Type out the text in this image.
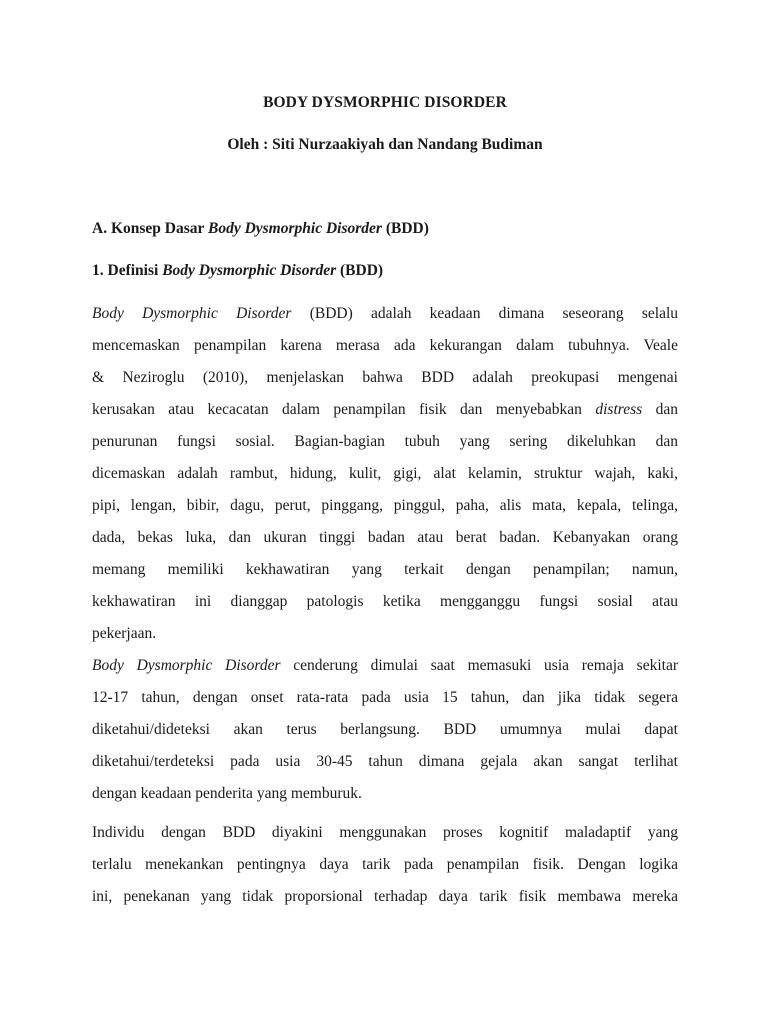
BODY DYSMORPHIC DISORDER
Oleh : Siti Nurzaakiyah dan Nandang Budiman
A. Konsep Dasar Body Dysmorphic Disorder (BDD)
1. Definisi Body Dysmorphic Disorder (BDD)
Body Dysmorphic Disorder (BDD) adalah keadaan dimana seseorang selalu
mencemaskan penampilan karena merasa ada kekurangan dalam tubuhnya. Veale
& Neziroglu (2010), menjelaskan bahwa BDD adalah preokupasi mengenai
kerusakan atau kecacatan dalam penampilan fisik dan menyebabkan distress dan
penurunan fungsi sosial. Bagian-bagian tubuh yang sering dikeluhkan dan
dicemaskan adalah rambut, hidung, kulit, gigi, alat kelamin, struktur wajah, kaki,
pipi, lengan, bibir, dagu, perut, pinggang, pinggul, paha, alis mata, kepala, telinga,
dada, bekas luka, dan ukuran tinggi badan atau berat badan. Kebanyakan orang
memang memiliki kekhawatiran yang terkait dengan penampilan; namun,
kekhawatiran ini dianggap patologis ketika mengganggu fungsi sosial atau
pekerjaan.
Body Dysmorphic Disorder cenderung dimulai saat memasuki usia remaja sekitar
12-17 tahun, dengan onset rata-rata pada usia 15 tahun, dan jika tidak segera
diketahui/dideteksi akan terus berlangsung. BDD umumnya mulai dapat
diketahui/terdeteksi pada usia 30-45 tahun dimana gejala akan sangat terlihat
dengan keadaan penderita yang memburuk.
Individu dengan BDD diyakini menggunakan proses kognitif maladaptif yang
terlalu menekankan pentingnya daya tarik pada penampilan fisik. Dengan logika
ini, penekanan yang tidak proporsional terhadap daya tarik fisik membawa mereka
